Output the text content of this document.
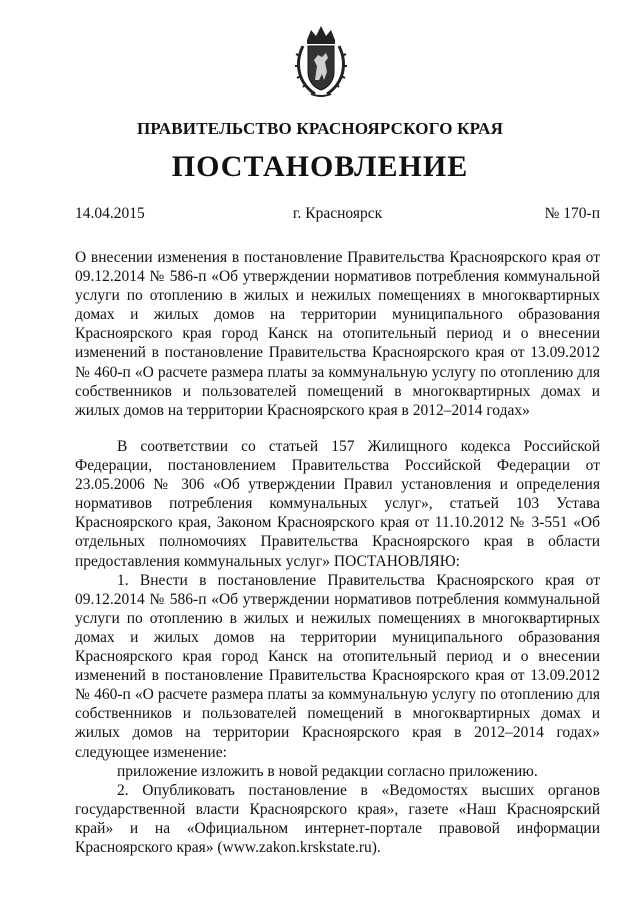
ПРАВИТЕЛЬСТВО КРАСНОЯРСКОГО КРАЯ
ПОСТАНОВЛЕНИЕ
14.04.2015	г. Красноярск	№ 170-п

О внесении изменения в постановление Правительства Красноярского края от 09.12.2014 № 586-п «Об утверждении нормативов потребления коммунальной услуги по отоплению в жилых и нежилых помещениях в многоквартирных домах и жилых домов на территории муниципального образования Красноярского края город Канск на отопительный период и о внесении изменений в постановление Правительства Красноярского края от 13.09.2012 № 460-п «О расчете размера платы за коммунальную услугу по отоплению для собственников и пользователей помещений в многоквартирных домах и жилых домов на территории Красноярского края в 2012–2014 годах»

В соответствии со статьей 157 Жилищного кодекса Российской Федерации, постановлением Правительства Российской Федерации от 23.05.2006 № 306 «Об утверждении Правил установления и определения нормативов потребления коммунальных услуг», статьей 103 Устава Красноярского края, Законом Красноярского края от 11.10.2012 № 3-551 «Об отдельных полномочиях Правительства Красноярского края в области предоставления коммунальных услуг» ПОСТАНОВЛЯЮ:

1. Внести в постановление Правительства Красноярского края от 09.12.2014 № 586-п «Об утверждении нормативов потребления коммунальной услуги по отоплению в жилых и нежилых помещениях в многоквартирных домах и жилых домов на территории муниципального образования Красноярского края город Канск на отопительный период и о внесении изменений в постановление Правительства Красноярского края от 13.09.2012 № 460-п «О расчете размера платы за коммунальную услугу по отоплению для собственников и пользователей помещений в многоквартирных домах и жилых домов на территории Красноярского края в 2012–2014 годах» следующее изменение:

приложение изложить в новой редакции согласно приложению.

2. Опубликовать постановление в «Ведомостях высших органов государственной власти Красноярского края», газете «Наш Красноярский край» и на «Официальном интернет-портале правовой информации Красноярского края» (www.zakon.krskstate.ru).
